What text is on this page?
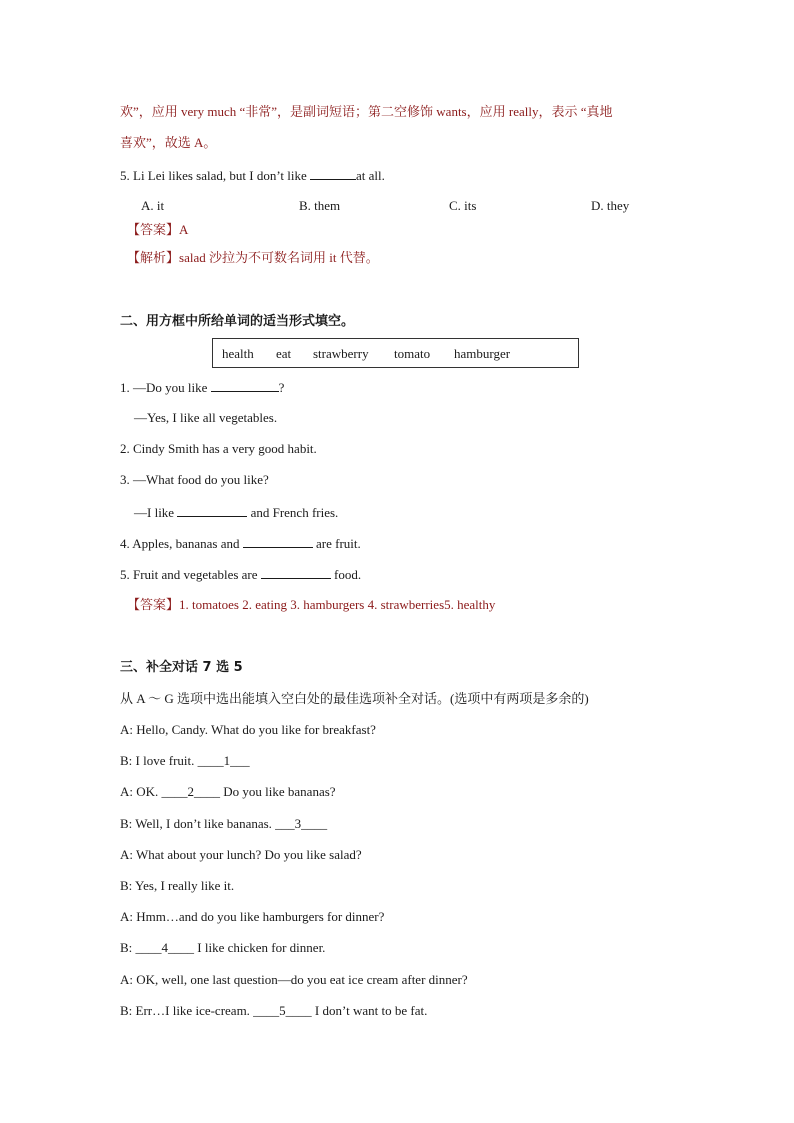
欢”，应用 very much “非常”，是副词短语；第二空修饰 wants，应用 really，表示 “真地
喜欢”，故选 A。
5. Li Lei likes salad, but I don’t like	at all.
A. it	B. them	C. its	D. they
【答案】A
【解析】salad 沙拉为不可数名词用 it 代替。
二、用方框中所给单词的适当形式填空。
health eat strawberry tomato hamburger
1. —Do you like	?
—Yes, I like all vegetables.
2. Cindy Smith has a very good habit.
3. —What food do you like?
—I like	and French fries.
4. Apples, bananas and	are fruit.
5. Fruit and vegetables are	food.
【答案】1. tomatoes 2. eating 3. hamburgers 4. strawberries5. healthy
三、补全对话 7 选 5
从 A ～ G 选项中选出能填入空白处的最佳选项补全对话。(选项中有两项是多余的)
A: Hello, Candy. What do you like for breakfast?
B: I love fruit. ____1___
A: OK. ____2____ Do you like bananas?
B: Well, I don’t like bananas. ___3____
A: What about your lunch? Do you like salad?
B: Yes, I really like it.
A: Hmm…and do you like hamburgers for dinner?
B: ____4____ I like chicken for dinner.
A: OK, well, one last question—do you eat ice cream after dinner?
B: Err…I like ice-cream. ____5____ I don’t want to be fat.
